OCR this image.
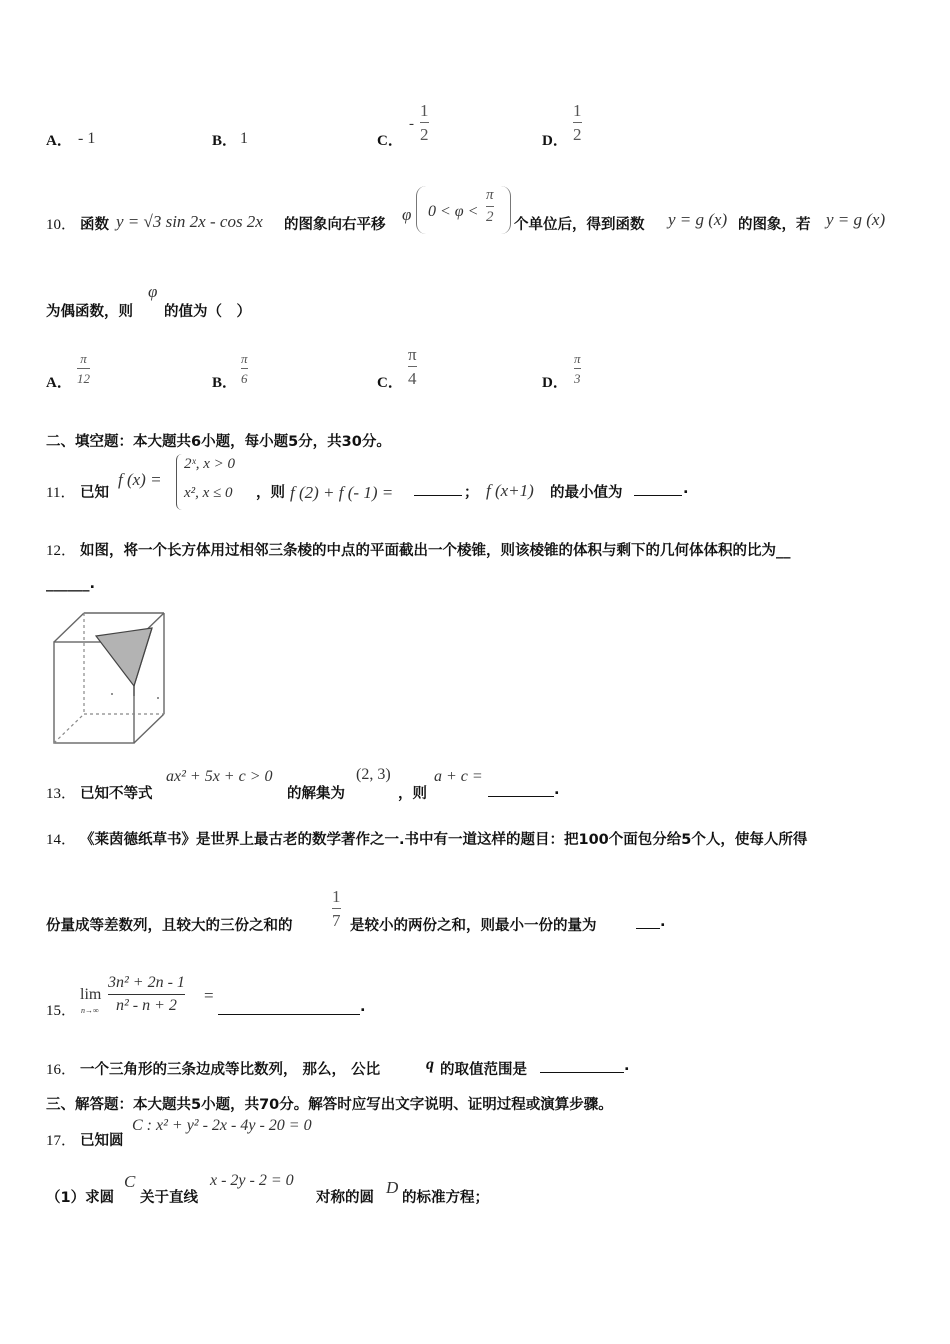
A． - 1	B． 1	C．
-
1
2	D．
1
2
10． 函数 y = √3 sin 2x - cos 2x 的图象向右平移
φ 0 < φ <
π
2 个单位后，得到函数 y = g (x) 的图象，若 y = g (x)
为偶函数，则
φ
的值为（　）
A．
π
12	B．
π
6	C．
π
4	D．
π
3
二、填空题：本大题共6小题，每小题5分，共30分。
11． 已知
f (x) =
2ˣ, x > 0
x², x ≤ 0 ，则 f (2) + f (- 1) =	； f (x+1) 的最小值为	.
12． 如图，将一个长方体用过相邻三条棱的中点的平面截出一个棱锥，则该棱锥的体积与剩下的几何体体积的比为__
______.
13． 已知不等式
ax² + 5x + c > 0
的解集为
(2, 3)
，则
a + c =
.
14． 《莱茵德纸草书》是世界上最古老的数学著作之一.书中有一道这样的题目：把100个面包分给5个人，使每人所得
份量成等差数列，且较大的三份之和的
1
7 是较小的两份之和，则最小一份的量为	.
15．
lim
n→∞
3n² + 2n - 1
n² - n + 2
=
.
16． 一个三角形的三条边成等比数列， 那么， 公比	q 的取值范围是	.
三、解答题：本大题共5小题，共70分。解答时应写出文字说明、证明过程或演算步骤。
17． 已知圆
C : x² + y² - 2x - 4y - 20 = 0
（1）求圆
C
关于直线
x - 2y - 2 = 0
对称的圆
D
的标准方程；
